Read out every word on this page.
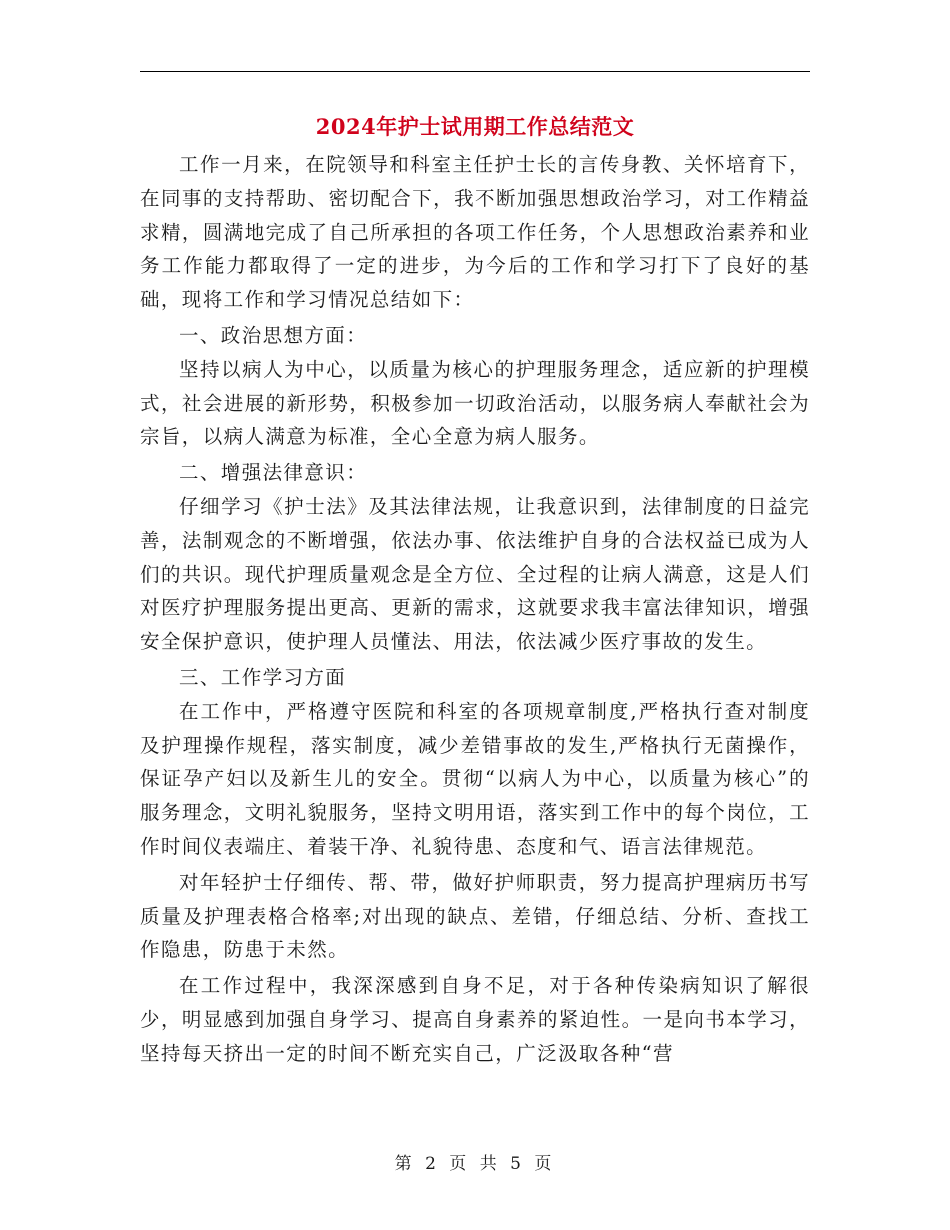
2024年护士试用期工作总结范文

工作一月来，在院领导和科室主任护士长的言传身教、关怀培育下，在同事的支持帮助、密切配合下，我不断加强思想政治学习，对工作精益求精，圆满地完成了自己所承担的各项工作任务，个人思想政治素养和业务工作能力都取得了一定的进步，为今后的工作和学习打下了良好的基础，现将工作和学习情况总结如下：

一、政治思想方面：

坚持以病人为中心，以质量为核心的护理服务理念，适应新的护理模式，社会进展的新形势，积极参加一切政治活动，以服务病人奉献社会为宗旨，以病人满意为标准，全心全意为病人服务。

二、增强法律意识：

仔细学习《护士法》及其法律法规，让我意识到，法律制度的日益完善，法制观念的不断增强，依法办事、依法维护自身的合法权益已成为人们的共识。现代护理质量观念是全方位、全过程的让病人满意，这是人们对医疗护理服务提出更高、更新的需求，这就要求我丰富法律知识，增强安全保护意识，使护理人员懂法、用法，依法减少医疗事故的发生。

三、工作学习方面

在工作中，严格遵守医院和科室的各项规章制度,严格执行查对制度及护理操作规程，落实制度，减少差错事故的发生,严格执行无菌操作，保证孕产妇以及新生儿的安全。贯彻“以病人为中心，以质量为核心”的服务理念，文明礼貌服务，坚持文明用语，落实到工作中的每个岗位，工作时间仪表端庄、着装干净、礼貌待患、态度和气、语言法律规范。

对年轻护士仔细传、帮、带，做好护师职责，努力提高护理病历书写质量及护理表格合格率;对出现的缺点、差错，仔细总结、分析、查找工作隐患，防患于未然。

在工作过程中，我深深感到自身不足，对于各种传染病知识了解很少，明显感到加强自身学习、提高自身素养的紧迫性。一是向书本学习，坚持每天挤出一定的时间不断充实自己，广泛汲取各种“营

第 2 页 共 5 页
